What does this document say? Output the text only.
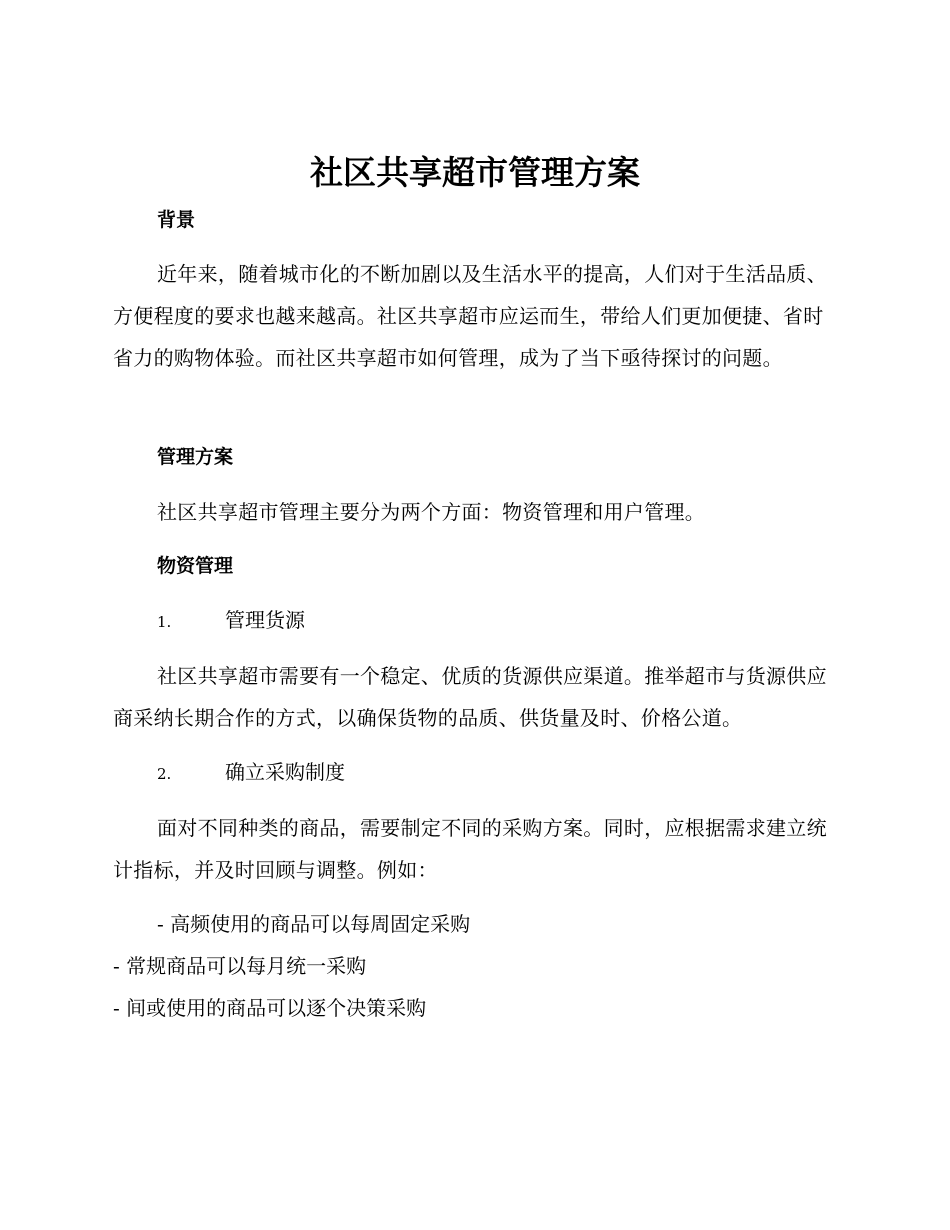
社区共享超市管理方案
背景

近年来，随着城市化的不断加剧以及生活水平的提高，人们对于生活品质、方便程度的要求也越来越高。社区共享超市应运而生，带给人们更加便捷、省时省力的购物体验。而社区共享超市如何管理，成为了当下亟待探讨的问题。

管理方案

社区共享超市管理主要分为两个方面：物资管理和用户管理。

物资管理
1.	管理货源

社区共享超市需要有一个稳定、优质的货源供应渠道。推举超市与货源供应商采纳长期合作的方式，以确保货物的品质、供货量及时、价格公道。

2.	确立采购制度

面对不同种类的商品，需要制定不同的采购方案。同时，应根据需求建立统计指标，并及时回顾与调整。例如：

- 高频使用的商品可以每周固定采购

- 常规商品可以每月统一采购

- 间或使用的商品可以逐个决策采购
